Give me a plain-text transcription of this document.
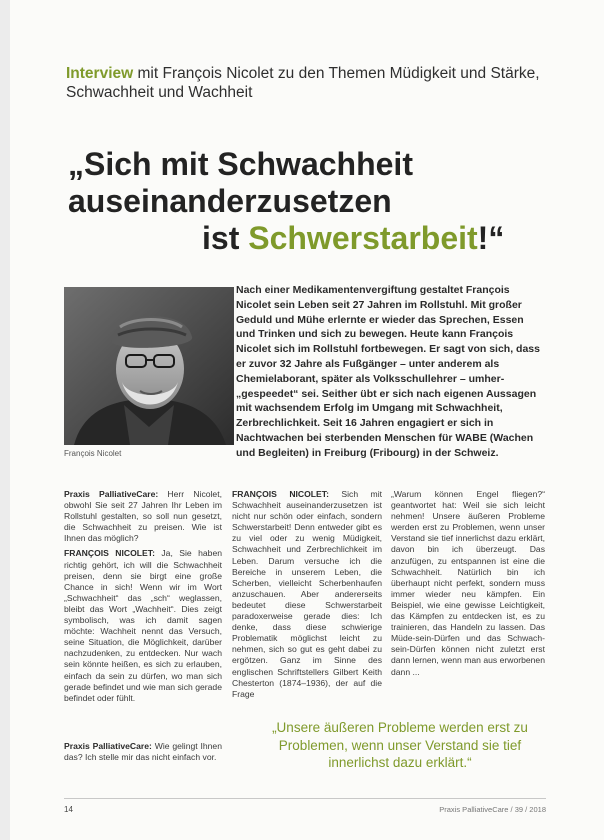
Interview mit François Nicolet zu den Themen Müdigkeit und Stärke, Schwachheit und Wachheit
„Sich mit Schwachheit
auseinanderzusetzen
ist Schwerstarbeit!“
François Nicolet
Nach einer Medikamentenvergiftung gestaltet François Nicolet sein Leben seit 27 Jahren im Rollstuhl. Mit großer Geduld und Mühe erlernte er wieder das Sprechen, Essen und Trinken und sich zu bewegen. Heute kann François Nicolet sich im Rollstuhl fortbewegen. Er sagt von sich, dass er zuvor 32 Jahre als Fußgänger – unter anderem als Chemielaborant, später als Volksschullehrer – umher-„gespeedet“ sei. Seither übt er sich nach eigenen Aussagen mit wachsendem Erfolg im Umgang mit Schwachheit, Zerbrechlichkeit. Seit 16 Jahren engagiert er sich in Nachtwachen bei sterbenden Menschen für WABE (Wachen und Begleiten) in Freiburg (Fribourg) in der Schweiz.

Praxis PalliativeCare: Herr Nicolet, obwohl Sie seit 27 Jahren Ihr Leben im Rollstuhl gestalten, so soll nun gesetzt, die Schwachheit zu preisen. Wie ist Ihnen das möglich?

FRANÇOIS NICOLET: Ja, Sie haben richtig gehört, ich will die Schwachheit preisen, denn sie birgt eine große Chance in sich! Wenn wir im Wort „Schwachheit“ das „sch“ weglassen, bleibt das Wort „Wachheit“. Dies zeigt symbolisch, was ich damit sagen möchte: Wachheit nennt das Versuch, seine Situation, die Möglichkeit, darüber nachzudenken, zu entdecken. Nur wach sein könnte heißen, es sich zu erlauben, einfach da sein zu dürfen, wo man sich gerade befindet und wie man sich gerade befindet oder fühlt.

Praxis PalliativeCare: Wie gelingt Ihnen das? Ich stelle mir das nicht einfach vor.

FRANÇOIS NICOLET: Sich mit Schwachheit auseinanderzusetzen ist nicht nur schön oder einfach, sondern Schwerstarbeit! Denn entweder gibt es zu viel oder zu wenig Müdigkeit, Schwachheit und Zerbrechlichkeit im Leben. Darum versuche ich die Bereiche in unserem Leben, die Scherben, vielleicht Scherbenhaufen anzuschauen. Aber andererseits bedeutet diese Schwerstarbeit paradoxerweise gerade dies: Ich denke, dass diese schwierige Problematik möglichst leicht zu nehmen, sich so gut es geht dabei zu ergötzen. Ganz im Sinne des englischen Schriftstellers Gilbert Keith Chesterton (1874–1936), der auf die Frage

„Warum können Engel fliegen?“ geantwortet hat: Weil sie sich leicht nehmen! Unsere äußeren Probleme werden erst zu Problemen, wenn unser Verstand sie tief innerlichst dazu erklärt, davon bin ich überzeugt. Das anzufügen, zu entspannen ist eine die Schwachheit. Natürlich bin ich überhaupt nicht perfekt, sondern muss immer wieder neu kämpfen. Ein Beispiel, wie eine gewisse Leichtigkeit, das Kämpfen zu entdecken ist, es zu trainieren, das Handeln zu lassen. Das Müde-sein-Dürfen und das Schwach-sein-Dürfen können nicht zuletzt erst dann lernen, wenn man aus erworbenen dann ...

„Unsere äußeren Probleme werden erst zu Problemen, wenn unser Verstand sie tief innerlichst dazu erklärt.“
14	Praxis PalliativeCare / 39 / 2018
